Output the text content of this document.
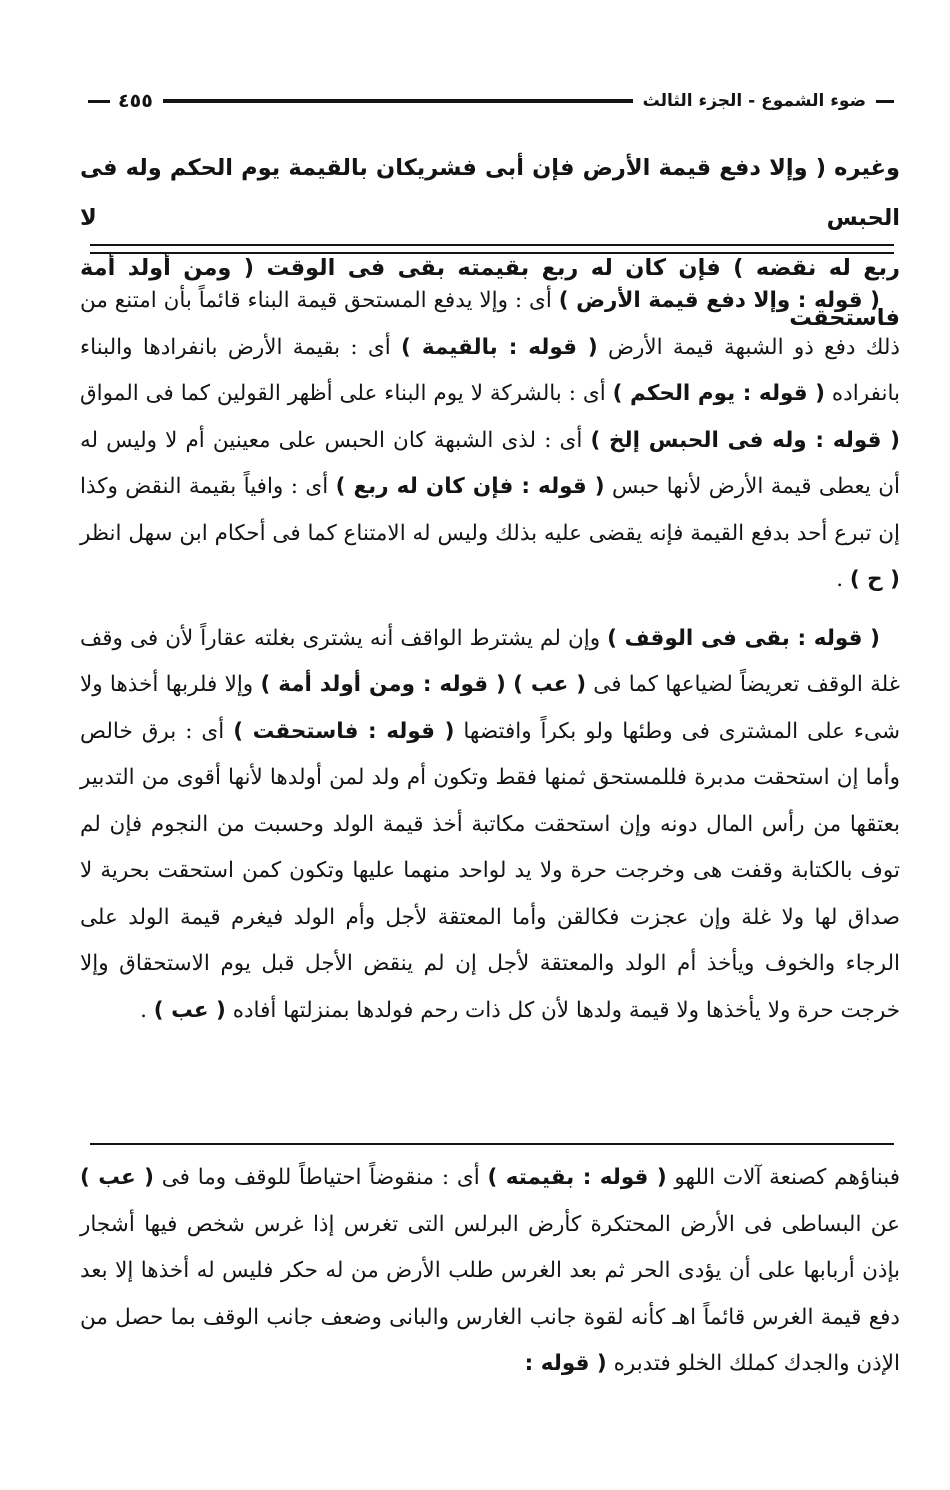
٤٥٥	ضوء الشموع - الجزء الثالث

وغيره ( وإلا دفع قيمة الأرض فإن أبى فشريكان بالقيمة يوم الحكم وله فى الحبس لا

ربع له نقضه ) فإن كان له ربع بقيمته بقى فى الوقت ( ومن أولد أمة فاستحقت

( قوله : وإلا دفع قيمة الأرض ) أى : وإلا يدفع المستحق قيمة البناء قائماً بأن امتنع من ذلك دفع ذو الشبهة قيمة الأرض ( قوله : بالقيمة ) أى : بقيمة الأرض بانفرادها والبناء بانفراده ( قوله : يوم الحكم ) أى : بالشركة لا يوم البناء على أظهر القولين كما فى المواق ( قوله : وله فى الحبس إلخ ) أى : لذى الشبهة كان الحبس على معينين أم لا وليس له أن يعطى قيمة الأرض لأنها حبس ( قوله : فإن كان له ربع ) أى : وافياً بقيمة النقض وكذا إن تبرع أحد بدفع القيمة فإنه يقضى عليه بذلك وليس له الامتناع كما فى أحكام ابن سهل انظر ( ح ) .

( قوله : بقى فى الوقف ) وإن لم يشترط الواقف أنه يشترى بغلته عقاراً لأن فى وقف غلة الوقف تعريضاً لضياعها كما فى ( عب ) ( قوله : ومن أولد أمة ) وإلا فلربها أخذها ولا شىء على المشترى فى وطئها ولو بكراً وافتضها ( قوله : فاستحقت ) أى : برق خالص وأما إن استحقت مدبرة فللمستحق ثمنها فقط وتكون أم ولد لمن أولدها لأنها أقوى من التدبير بعتقها من رأس المال دونه وإن استحقت مكاتبة أخذ قيمة الولد وحسبت من النجوم فإن لم توف بالكتابة وقفت هى وخرجت حرة ولا يد لواحد منهما عليها وتكون كمن استحقت بحرية لا صداق لها ولا غلة وإن عجزت فكالقن وأما المعتقة لأجل وأم الولد فيغرم قيمة الولد على الرجاء والخوف ويأخذ أم الولد والمعتقة لأجل إن لم ينقض الأجل قبل يوم الاستحقاق وإلا خرجت حرة ولا يأخذها ولا قيمة ولدها لأن كل ذات رحم فولدها بمنزلتها أفاده ( عب ) .

فبناؤهم كصنعة آلات اللهو ( قوله : بقيمته ) أى : منقوضاً احتياطاً للوقف وما فى ( عب ) عن البساطى فى الأرض المحتكرة كأرض البرلس التى تغرس إذا غرس شخص فيها أشجار بإذن أربابها على أن يؤدى الحر ثم بعد الغرس طلب الأرض من له حكر فليس له أخذها إلا بعد دفع قيمة الغرس قائماً اهـ كأنه لقوة جانب الغارس والبانى وضعف جانب الوقف بما حصل من الإذن والجدك كملك الخلو فتدبره ( قوله :
